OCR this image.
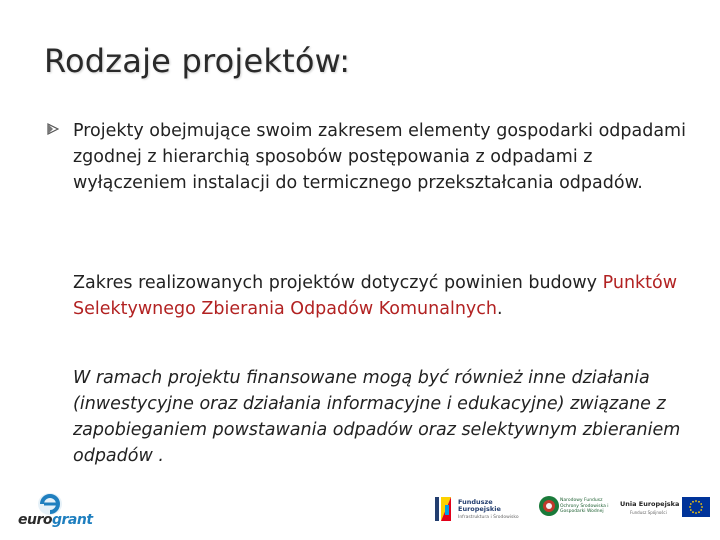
Rodzaje projektów:

Projekty obejmujące swoim zakresem elementy gospodarki odpadami zgodnej z hierarchią sposobów postępowania z odpadami z wyłączeniem instalacji do termicznego przekształcania odpadów.

Zakres realizowanych projektów dotyczyć powinien budowy Punktów Selektywnego Zbierania Odpadów Komunalnych.

W ramach projektu finansowane mogą być również inne działania (inwestycyjne oraz działania informacyjne i edukacyjne) związane z zapobieganiem powstawania odpadów oraz selektywnym zbieraniem odpadów .

eurogrant
Fundusze
Europejskie
Infrastruktura i Środowisko
Narodowy Fundusz Ochrony Środowiska i Gospodarki Wodnej
Unia Europejska
Fundusz Spójności
